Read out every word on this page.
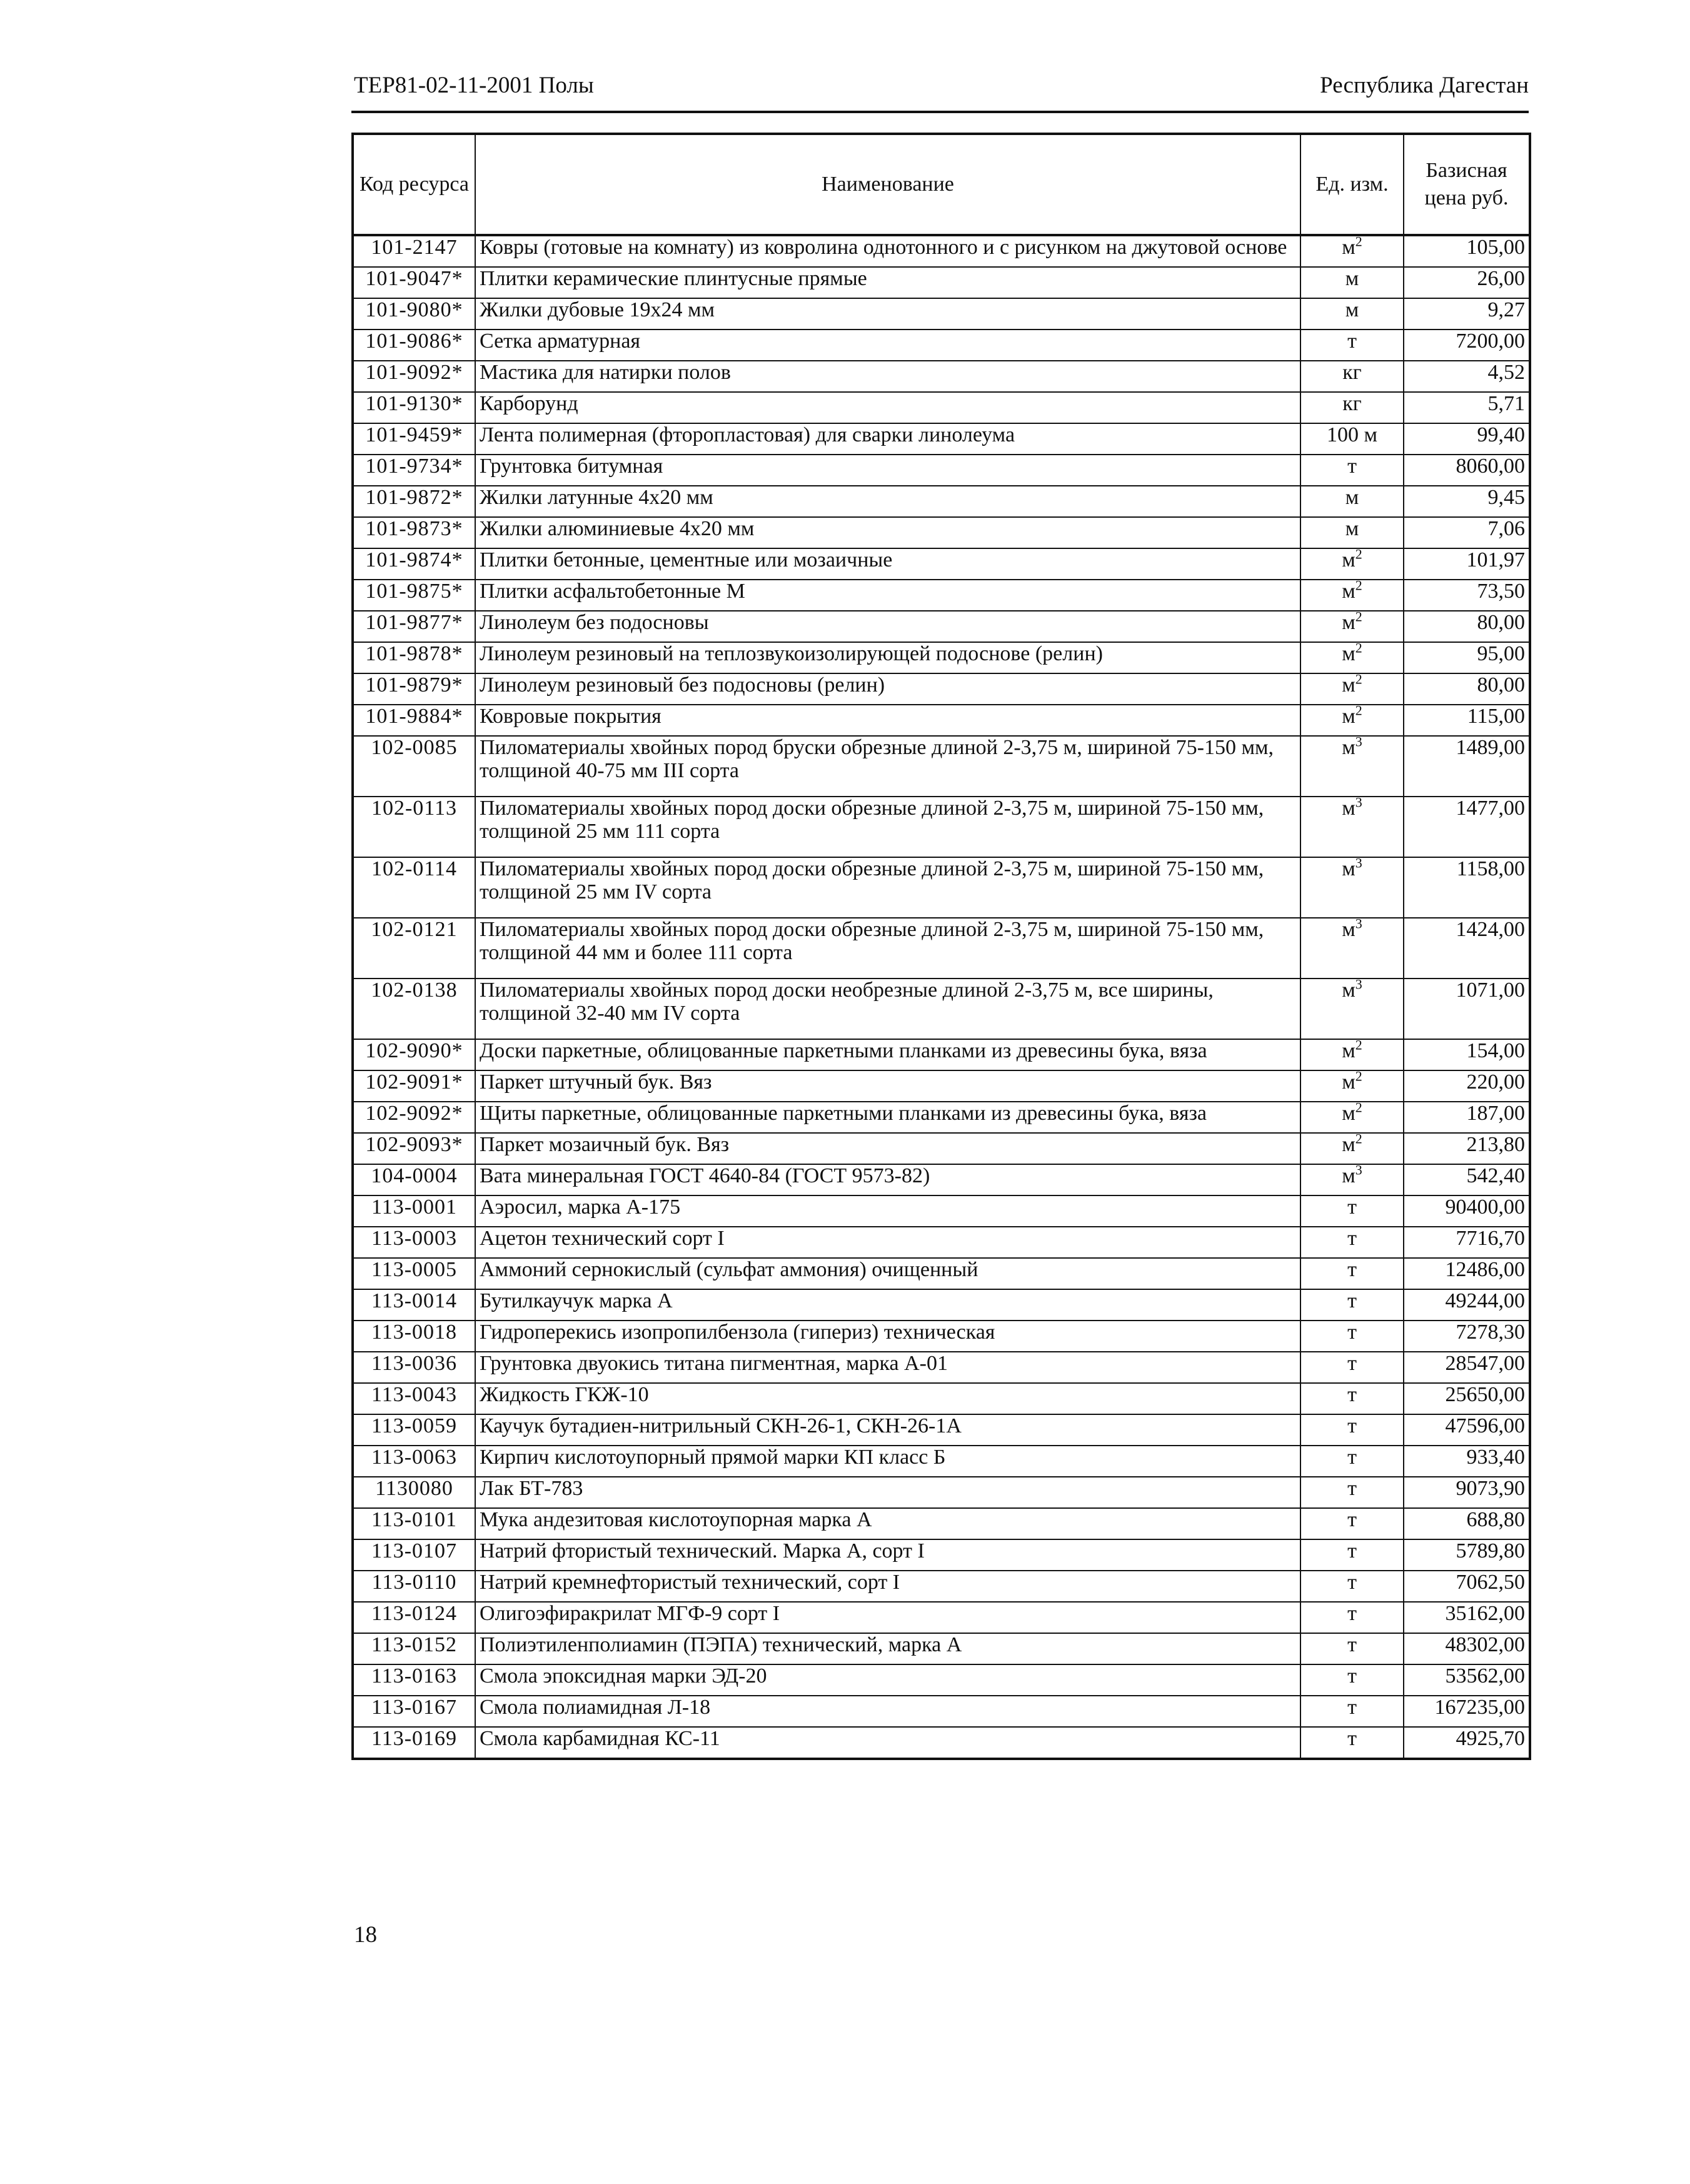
ТЕР81-02-11-2001 Полы	Республика Дагестан
Код ресурса	Наименование	Ед. изм.	Базисная цена руб.
101-2147	Ковры (готовые на комнату) из ковролина однотонного и с рисунком на джутовой основе	$м^2$	105,00
101-9047*	Плитки керамические плинтусные прямые	м	26,00
101-9080*	Жилки дубовые 19x24 мм	м	9,27
101-9086*	Сетка арматурная	т	7200,00
101-9092*	Мастика для натирки полов	кг	4,52
101-9130*	Карборунд	кг	5,71
101-9459*	Лента полимерная (фторопластовая) для сварки линолеума	100 м	99,40
101-9734*	Грунтовка битумная	т	8060,00
101-9872*	Жилки латунные 4x20 мм	м	9,45
101-9873*	Жилки алюминиевые 4x20 мм	м	7,06
101-9874*	Плитки бетонные, цементные или мозаичные	$м^2$	101,97
101-9875*	Плитки асфальтобетонные М	$м^2$	73,50
101-9877*	Линолеум без подосновы	$м^2$	80,00
101-9878*	Линолеум резиновый на теплозвукоизолирующей подоснове (релин)	$м^2$	95,00
101-9879*	Линолеум резиновый без подосновы (релин)	$м^2$	80,00
101-9884*	Ковровые покрытия	$м^2$	115,00
102-0085	Пиломатериалы хвойных пород бруски обрезные длиной 2-3,75 м, шириной 75-150 мм, толщиной 40-75 мм III сорта	$м^3$	1489,00
102-0113	Пиломатериалы хвойных пород доски обрезные длиной 2-3,75 м, шириной 75-150 мм, толщиной 25 мм 111 сорта	$м^3$	1477,00
102-0114	Пиломатериалы хвойных пород доски обрезные длиной 2-3,75 м, шириной 75-150 мм, толщиной 25 мм IV сорта	$м^3$	1158,00
102-0121	Пиломатериалы хвойных пород доски обрезные длиной 2-3,75 м, шириной 75-150 мм, толщиной 44 мм и более 111 сорта	$м^3$	1424,00
102-0138	Пиломатериалы хвойных пород доски необрезные длиной 2-3,75 м, все ширины, толщиной 32-40 мм IV сорта	$м^3$	1071,00
102-9090*	Доски паркетные, облицованные паркетными планками из древесины бука, вяза	$м^2$	154,00
102-9091*	Паркет штучный бук. Вяз	$м^2$	220,00
102-9092*	Щиты паркетные, облицованные паркетными планками из древесины бука, вяза	$м^2$	187,00
102-9093*	Паркет мозаичный бук. Вяз	$м^2$	213,80
104-0004	Вата минеральная ГОСТ 4640-84 (ГОСТ 9573-82)	$м^3$	542,40
113-0001	Аэросил, марка А-175	т	90400,00
113-0003	Ацетон технический сорт I	т	7716,70
113-0005	Аммоний сернокислый (сульфат аммония) очищенный	т	12486,00
113-0014	Бутилкаучук марка А	т	49244,00
113-0018	Гидроперекись изопропилбензола (гипериз) техническая	т	7278,30
113-0036	Грунтовка двуокись титана пигментная, марка А-01	т	28547,00
113-0043	Жидкость ГКЖ-10	т	25650,00
113-0059	Каучук бутадиен-нитрильный СКН-26-1, СКН-26-1А	т	47596,00
113-0063	Кирпич кислотоупорный прямой марки КП класс Б	т	933,40
1130080	Лак БТ-783	т	9073,90
113-0101	Мука андезитовая кислотоупорная марка А	т	688,80
113-0107	Натрий фтористый технический. Марка А, сорт I	т	5789,80
113-0110	Натрий кремнефтористый технический, сорт I	т	7062,50
113-0124	Олигоэфиракрилат МГФ-9 сорт I	т	35162,00
113-0152	Полиэтиленполиамин (ПЭПА) технический, марка А	т	48302,00
113-0163	Смола эпоксидная марки ЭД-20	т	53562,00
113-0167	Смола полиамидная Л-18	т	167235,00
113-0169	Смола карбамидная КС-11	т	4925,70
18
